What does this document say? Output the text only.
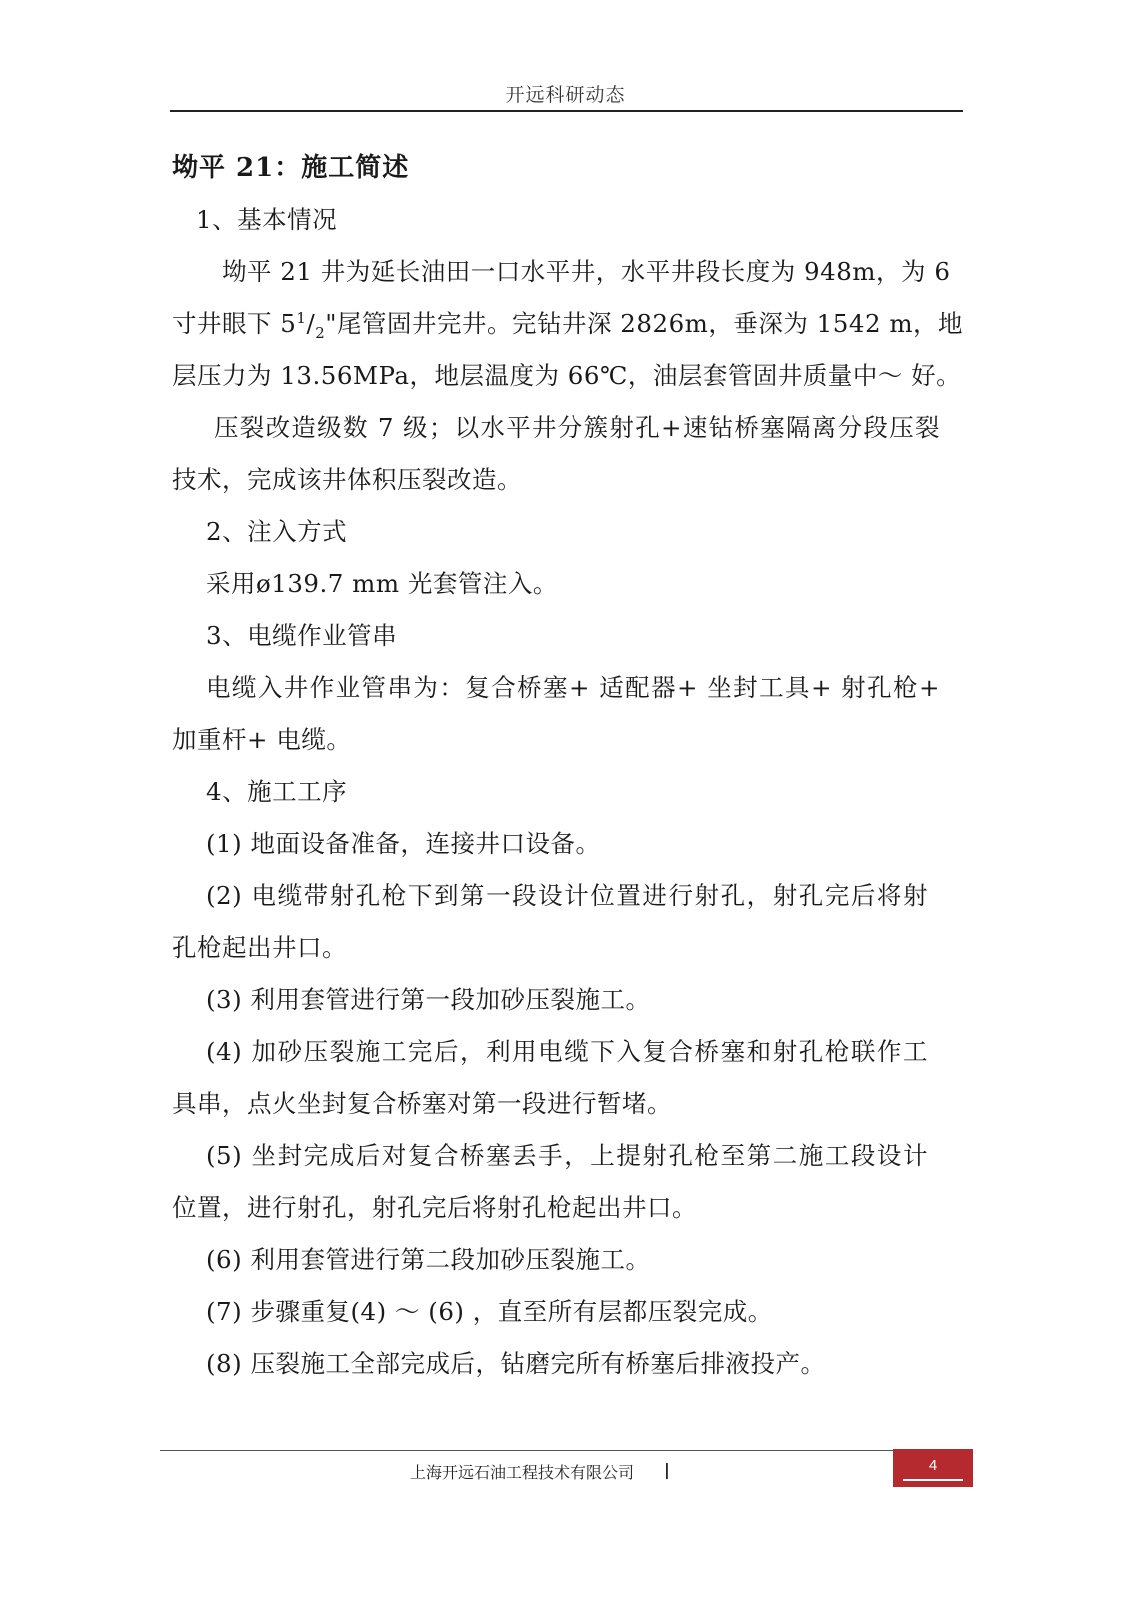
开远科研动态
坳平 21：施工简述
1、基本情况
坳平 21 井为延长油田一口水平井，水平井段长度为 948m，为 6
寸井眼下 $5^1/_2$"尾管固井完井。完钻井深 2826m，垂深为 1542 m，地
层压力为 13.56MPa，地层温度为 66℃，油层套管固井质量中～ 好。
压裂改造级数 7 级；以水平井分簇射孔+速钻桥塞隔离分段压裂
技术，完成该井体积压裂改造。
2、注入方式
采用ø139.7 mm 光套管注入。
3、电缆作业管串
电缆入井作业管串为：复合桥塞+ 适配器+ 坐封工具+ 射孔枪+
加重杆+ 电缆。
4、施工工序
(1) 地面设备准备，连接井口设备。
(2) 电缆带射孔枪下到第一段设计位置进行射孔，射孔完后将射
孔枪起出井口。
(3) 利用套管进行第一段加砂压裂施工。
(4) 加砂压裂施工完后，利用电缆下入复合桥塞和射孔枪联作工
具串，点火坐封复合桥塞对第一段进行暂堵。
(5) 坐封完成后对复合桥塞丢手，上提射孔枪至第二施工段设计
位置，进行射孔，射孔完后将射孔枪起出井口。
(6) 利用套管进行第二段加砂压裂施工。
(7) 步骤重复(4) ～ (6) ，直至所有层都压裂完成。
(8) 压裂施工全部完成后，钻磨完所有桥塞后排液投产。
上海开远石油工程技术有限公司 |	4
